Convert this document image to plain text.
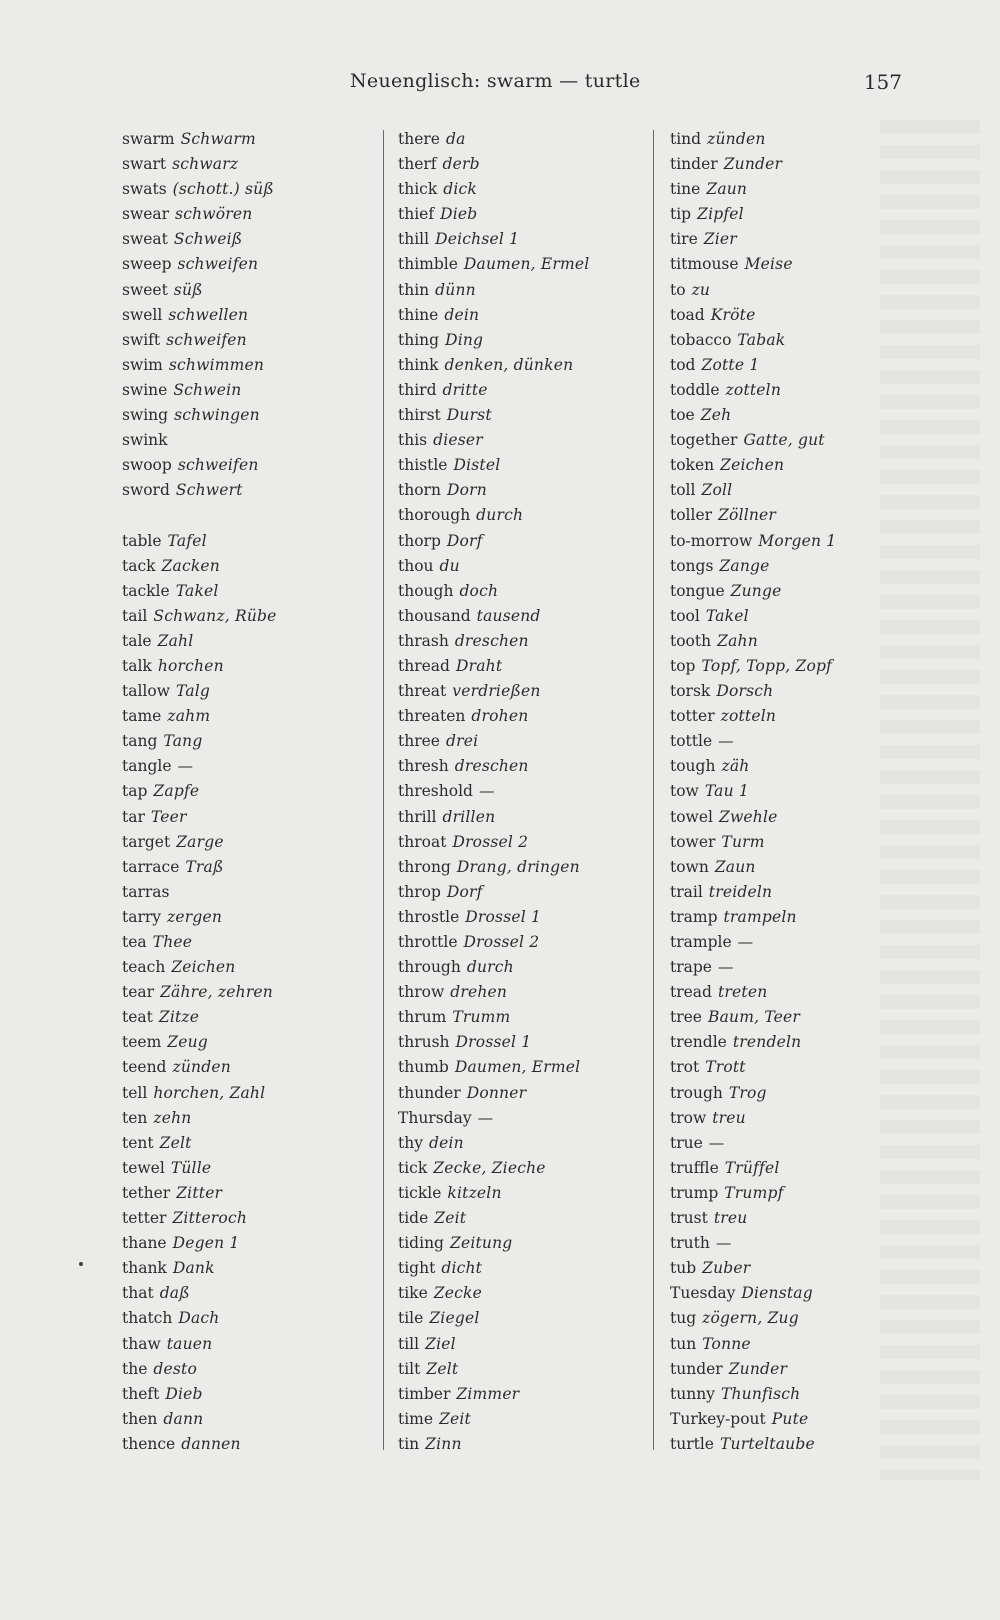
Neuenglisch: swarm — turtle	157
swarm Schwarm
swart schwarz
swats (schott.) süß
swear schwören
sweat Schweiß
sweep schweifen
sweet süß
swell schwellen
swift schweifen
swim schwimmen
swine Schwein
swing schwingen
swink
swoop schweifen
sword Schwert
table Tafel
tack Zacken
tackle Takel
tail Schwanz, Rübe
tale Zahl
talk horchen
tallow Talg
tame zahm
tang Tang
tangle —
tap Zapfe
tar Teer
target Zarge
tarrace Traß
tarras
tarry zergen
tea Thee
teach Zeichen
tear Zähre, zehren
teat Zitze
teem Zeug
teend zünden
tell horchen, Zahl
ten zehn
tent Zelt
tewel Tülle
tether Zitter
tetter Zitteroch
thane Degen 1
thank Dank
that daß
thatch Dach
thaw tauen
the desto
theft Dieb
then dann
thence dannen
there da
therf derb
thick dick
thief Dieb
thill Deichsel 1
thimble Daumen, Ermel
thin dünn
thine dein
thing Ding
think denken, dünken
third dritte
thirst Durst
this dieser
thistle Distel
thorn Dorn
thorough durch
thorp Dorf
thou du
though doch
thousand tausend
thrash dreschen
thread Draht
threat verdrießen
threaten drohen
three drei
thresh dreschen
threshold —
thrill drillen
throat Drossel 2
throng Drang, dringen
throp Dorf
throstle Drossel 1
throttle Drossel 2
through durch
throw drehen
thrum Trumm
thrush Drossel 1
thumb Daumen, Ermel
thunder Donner
Thursday —
thy dein
tick Zecke, Zieche
tickle kitzeln
tide Zeit
tiding Zeitung
tight dicht
tike Zecke
tile Ziegel
till Ziel
tilt Zelt
timber Zimmer
time Zeit
tin Zinn
tind zünden
tinder Zunder
tine Zaun
tip Zipfel
tire Zier
titmouse Meise
to zu
toad Kröte
tobacco Tabak
tod Zotte 1
toddle zotteln
toe Zeh
together Gatte, gut
token Zeichen
toll Zoll
toller Zöllner
to-morrow Morgen 1
tongs Zange
tongue Zunge
tool Takel
tooth Zahn
top Topf, Topp, Zopf
torsk Dorsch
totter zotteln
tottle —
tough zäh
tow Tau 1
towel Zwehle
tower Turm
town Zaun
trail treideln
tramp trampeln
trample —
trape —
tread treten
tree Baum, Teer
trendle trendeln
trot Trott
trough Trog
trow treu
true —
truffle Trüffel
trump Trumpf
trust treu
truth —
tub Zuber
Tuesday Dienstag
tug zögern, Zug
tun Tonne
tunder Zunder
tunny Thunfisch
Turkey-pout Pute
turtle Turteltaube
